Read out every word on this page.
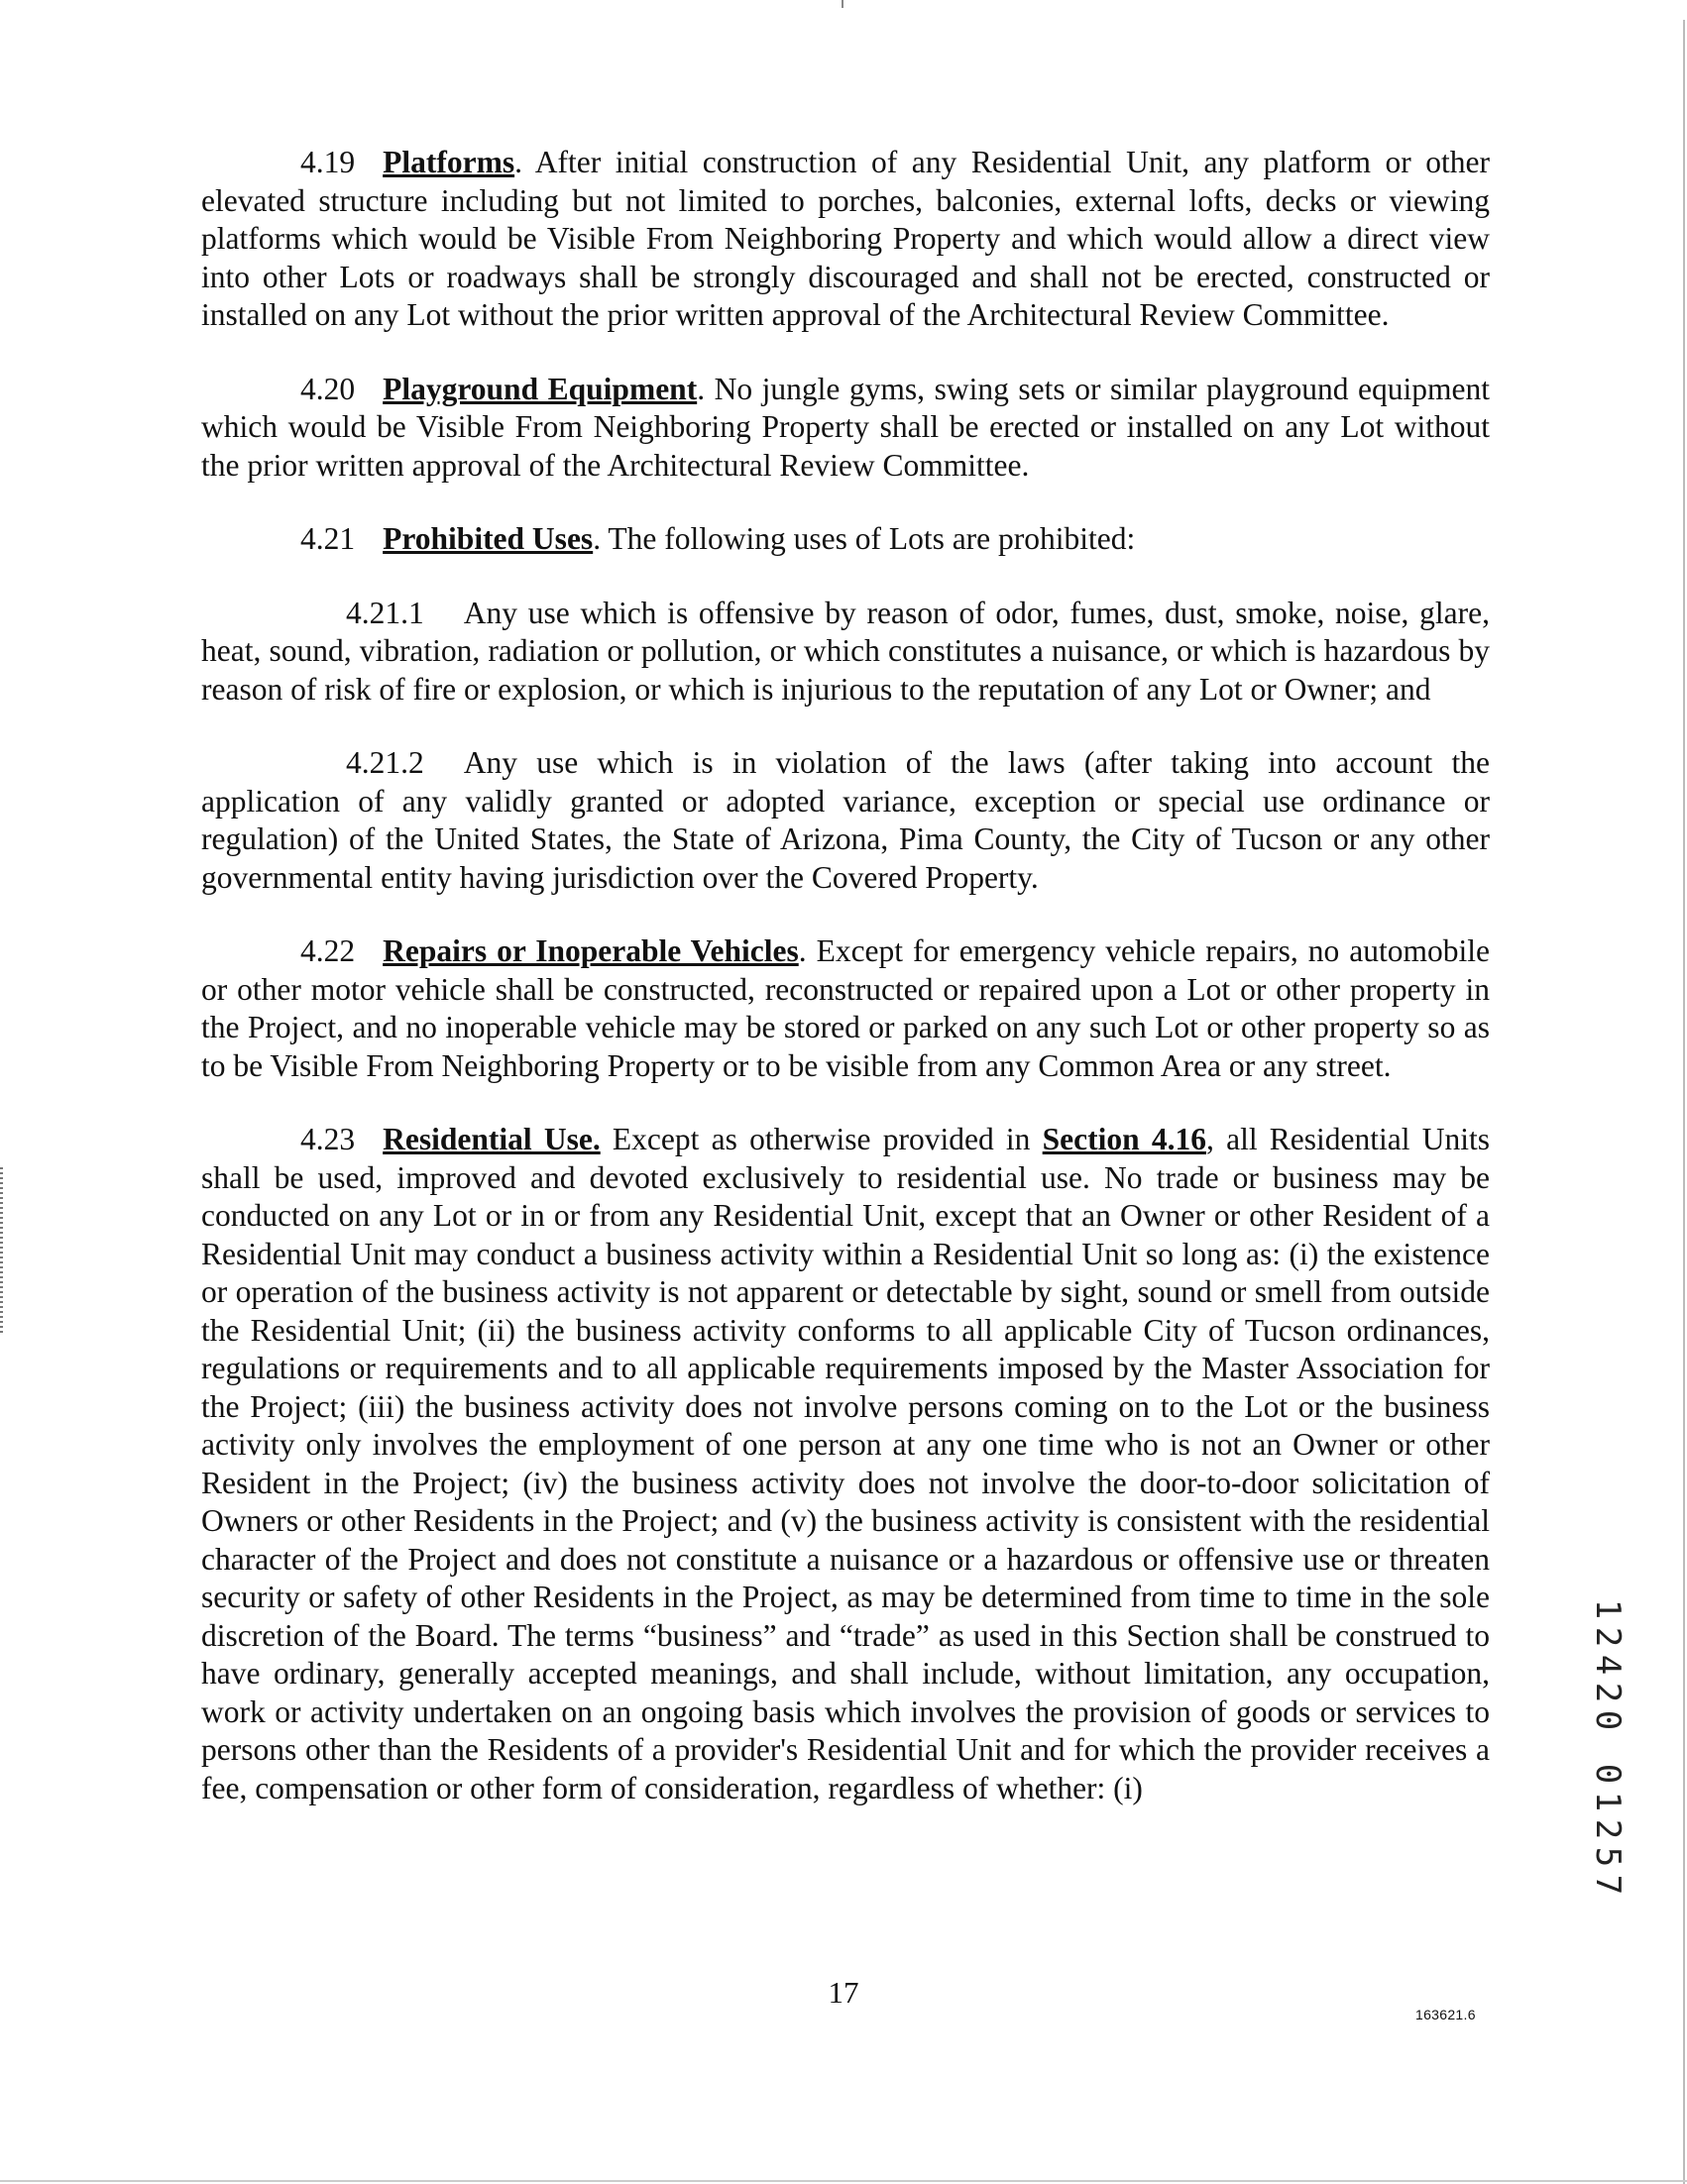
4.19 Platforms. After initial construction of any Residential Unit, any platform or other elevated structure including but not limited to porches, balconies, external lofts, decks or viewing platforms which would be Visible From Neighboring Property and which would allow a direct view into other Lots or roadways shall be strongly discouraged and shall not be erected, constructed or installed on any Lot without the prior written approval of the Architectural Review Committee.

4.20 Playground Equipment. No jungle gyms, swing sets or similar playground equipment which would be Visible From Neighboring Property shall be erected or installed on any Lot without the prior written approval of the Architectural Review Committee.

4.21 Prohibited Uses. The following uses of Lots are prohibited:

4.21.1 Any use which is offensive by reason of odor, fumes, dust, smoke, noise, glare, heat, sound, vibration, radiation or pollution, or which constitutes a nuisance, or which is hazardous by reason of risk of fire or explosion, or which is injurious to the reputation of any Lot or Owner; and

4.21.2 Any use which is in violation of the laws (after taking into account the application of any validly granted or adopted variance, exception or special use ordinance or regulation) of the United States, the State of Arizona, Pima County, the City of Tucson or any other governmental entity having jurisdiction over the Covered Property.

4.22 Repairs or Inoperable Vehicles. Except for emergency vehicle repairs, no automobile or other motor vehicle shall be constructed, reconstructed or repaired upon a Lot or other property in the Project, and no inoperable vehicle may be stored or parked on any such Lot or other property so as to be Visible From Neighboring Property or to be visible from any Common Area or any street.

4.23 Residential Use. Except as otherwise provided in Section 4.16, all Residential Units shall be used, improved and devoted exclusively to residential use. No trade or business may be conducted on any Lot or in or from any Residential Unit, except that an Owner or other Resident of a Residential Unit may conduct a business activity within a Residential Unit so long as: (i) the existence or operation of the business activity is not apparent or detectable by sight, sound or smell from outside the Residential Unit; (ii) the business activity conforms to all applicable City of Tucson ordinances, regulations or requirements and to all applicable requirements imposed by the Master Association for the Project; (iii) the business activity does not involve persons coming on to the Lot or the business activity only involves the employment of one person at any one time who is not an Owner or other Resident in the Project; (iv) the business activity does not involve the door-to-door solicitation of Owners or other Residents in the Project; and (v) the business activity is consistent with the residential character of the Project and does not constitute a nuisance or a hazardous or offensive use or threaten security or safety of other Residents in the Project, as may be determined from time to time in the sole discretion of the Board. The terms “business” and “trade” as used in this Section shall be construed to have ordinary, generally accepted meanings, and shall include, without limitation, any occupation, work or activity undertaken on an ongoing basis which involves the provision of goods or services to persons other than the Residents of a provider's Residential Unit and for which the provider receives a fee, compensation or other form of consideration, regardless of whether: (i)

1
2
4
2
0
0
1
2
5
7
17
163621.6
